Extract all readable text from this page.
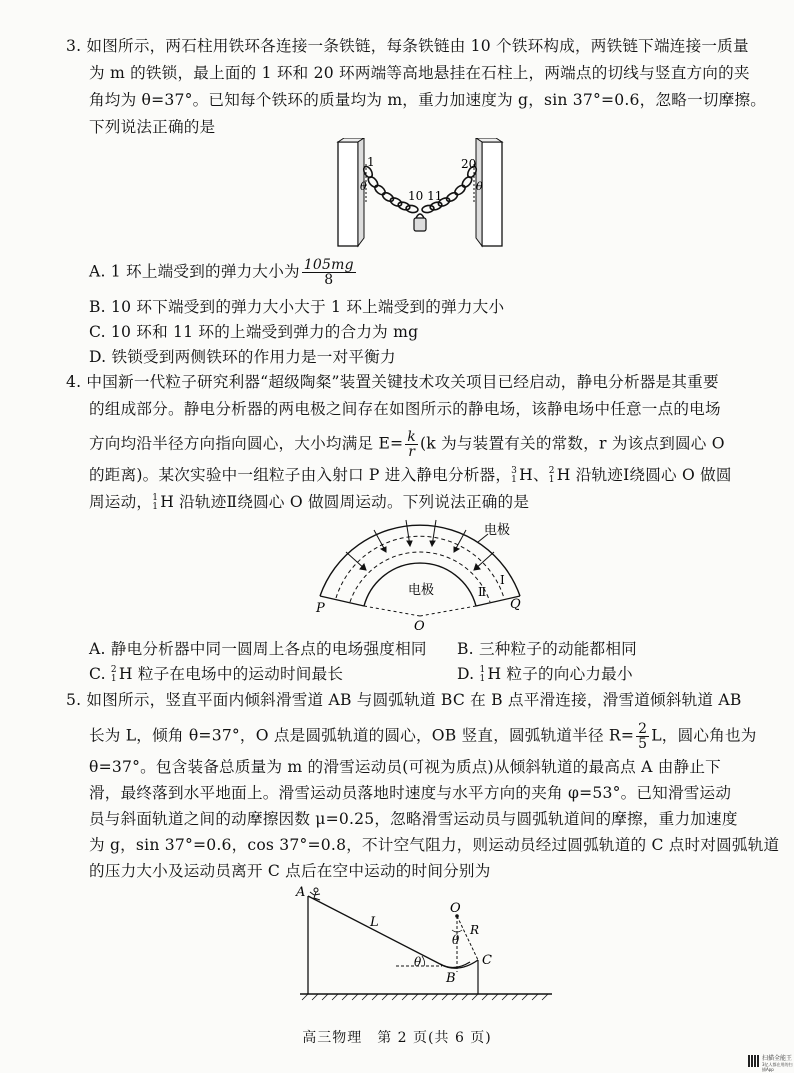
3. 如图所示，两石柱用铁环各连接一条铁链，每条铁链由 10 个铁环构成，两铁链下端连接一质量
为 m 的铁锁，最上面的 1 环和 20 环两端等高地悬挂在石柱上，两端点的切线与竖直方向的夹
角均为 θ=37°。已知每个铁环的质量均为 m，重力加速度为 g，sin 37°=0.6，忽略一切摩擦。
下列说法正确的是
1	20
10 11
θ	θ
A. 1 环上端受到的弹力大小为 $\frac{105mg}{8}$
B. 10 环下端受到的弹力大小大于 1 环上端受到的弹力大小
C. 10 环和 11 环的上端受到弹力的合力为 mg
D. 铁锁受到两侧铁环的作用力是一对平衡力
4. 中国新一代粒子研究利器“超级陶粲”装置关键技术攻关项目已经启动，静电分析器是其重要
的组成部分。静电分析器的两电极之间存在如图所示的静电场，该静电场中任意一点的电场
方向均沿半径方向指向圆心，大小均满足 $E= \frac{k}{r} (k$ 为与装置有关的常数，r 为该点到圆心 O
的距离)。某次实验中一组粒子由入射口 P 进入静电分析器， 3
1 H、 2
1 H 沿轨迹Ⅰ绕圆心 O 做圆
周运动， 1
1 H 沿轨迹Ⅱ绕圆心 O 做圆周运动。下列说法正确的是
电极
电极
P	Q
O
Ⅰ
Ⅱ
A. 静电分析器中同一圆周上各点的电场强度相同 B. 三种粒子的动能都相同
C. 2
1 H 粒子在电场中的运动时间最长	D. 1
1 H 粒子的向心力最小
5. 如图所示，竖直平面内倾斜滑雪道 AB 与圆弧轨道 BC 在 B 点平滑连接，滑雪道倾斜轨道 AB
长为 L，倾角 θ=37°，O 点是圆弧轨道的圆心，OB 竖直，圆弧轨道半径 $R= \frac{2}{5}$ L，圆心角也为
θ=37°。包含装备总质量为 m 的滑雪运动员(可视为质点)从倾斜轨道的最高点 A 由静止下
滑，最终落到水平地面上。滑雪运动员落地时速度与水平方向的夹角 φ=53°。已知滑雪运动
员与斜面轨道之间的动摩擦因数 μ=0.25，忽略滑雪运动员与圆弧轨道间的摩擦，重力加速度
为 g，sin 37°=0.6，cos 37°=0.8，不计空气阻力，则运动员经过圆弧轨道的 C 点时对圆弧轨道
的压力大小及运动员离开 C 点后在空中运动的时间分别为
A
L
O
R
θ
θ
B
C
高三物理　第 2 页(共 6 页)
扫描全能王
3亿人都在用的扫描App
